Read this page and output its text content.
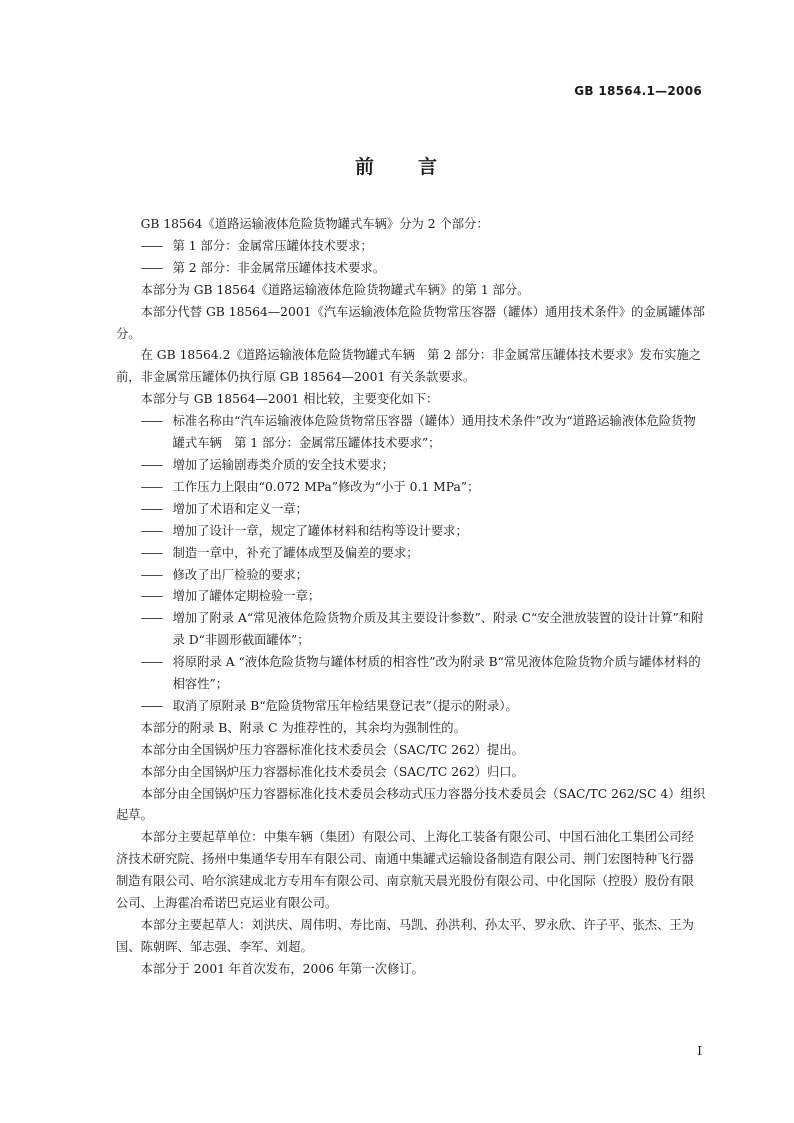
GB 18564.1—2006
前 言
GB 18564《道路运输液体危险货物罐式车辆》分为 2 个部分：
—— 第 1 部分：金属常压罐体技术要求；
—— 第 2 部分：非金属常压罐体技术要求。
本部分为 GB 18564《道路运输液体危险货物罐式车辆》的第 1 部分。
本部分代替 GB 18564—2001《汽车运输液体危险货物常压容器（罐体）通用技术条件》的金属罐体部分。
在 GB 18564.2《道路运输液体危险货物罐式车辆　第 2 部分：非金属常压罐体技术要求》发布实施之前，非金属常压罐体仍执行原 GB 18564—2001 有关条款要求。
本部分与 GB 18564—2001 相比较，主要变化如下：
—— 标准名称由“汽车运输液体危险货物常压容器（罐体）通用技术条件”改为“道路运输液体危险货物罐式车辆　第 1 部分：金属常压罐体技术要求”；
—— 增加了运输剧毒类介质的安全技术要求；
—— 工作压力上限由“0.072 MPa”修改为“小于 0.1 MPa”；
—— 增加了术语和定义一章；
—— 增加了设计一章，规定了罐体材料和结构等设计要求；
—— 制造一章中，补充了罐体成型及偏差的要求；
—— 修改了出厂检验的要求；
—— 增加了罐体定期检验一章；
—— 增加了附录 A“常见液体危险货物介质及其主要设计参数”、附录 C“安全泄放装置的设计计算”和附录 D“非圆形截面罐体”；
—— 将原附录 A “液体危险货物与罐体材质的相容性”改为附录 B“常见液体危险货物介质与罐体材料的相容性”；
—— 取消了原附录 B“危险货物常压年检结果登记表”（提示的附录）。
本部分的附录 B、附录 C 为推荐性的，其余均为强制性的。
本部分由全国锅炉压力容器标准化技术委员会（SAC/TC 262）提出。
本部分由全国锅炉压力容器标准化技术委员会（SAC/TC 262）归口。
本部分由全国锅炉压力容器标准化技术委员会移动式压力容器分技术委员会（SAC/TC 262/SC 4）组织起草。
本部分主要起草单位：中集车辆（集团）有限公司、上海化工装备有限公司、中国石油化工集团公司经济技术研究院、扬州中集通华专用车有限公司、南通中集罐式运输设备制造有限公司、荆门宏图特种飞行器制造有限公司、哈尔滨建成北方专用车有限公司、南京航天晨光股份有限公司、中化国际（控股）股份有限公司、上海霍冶希诺巴克运业有限公司。
本部分主要起草人：刘洪庆、周伟明、寿比南、马凯、孙洪利、孙太平、罗永欣、许子平、张杰、王为国、陈朝晖、邹志强、李军、刘超。
本部分于 2001 年首次发布，2006 年第一次修订。
I
